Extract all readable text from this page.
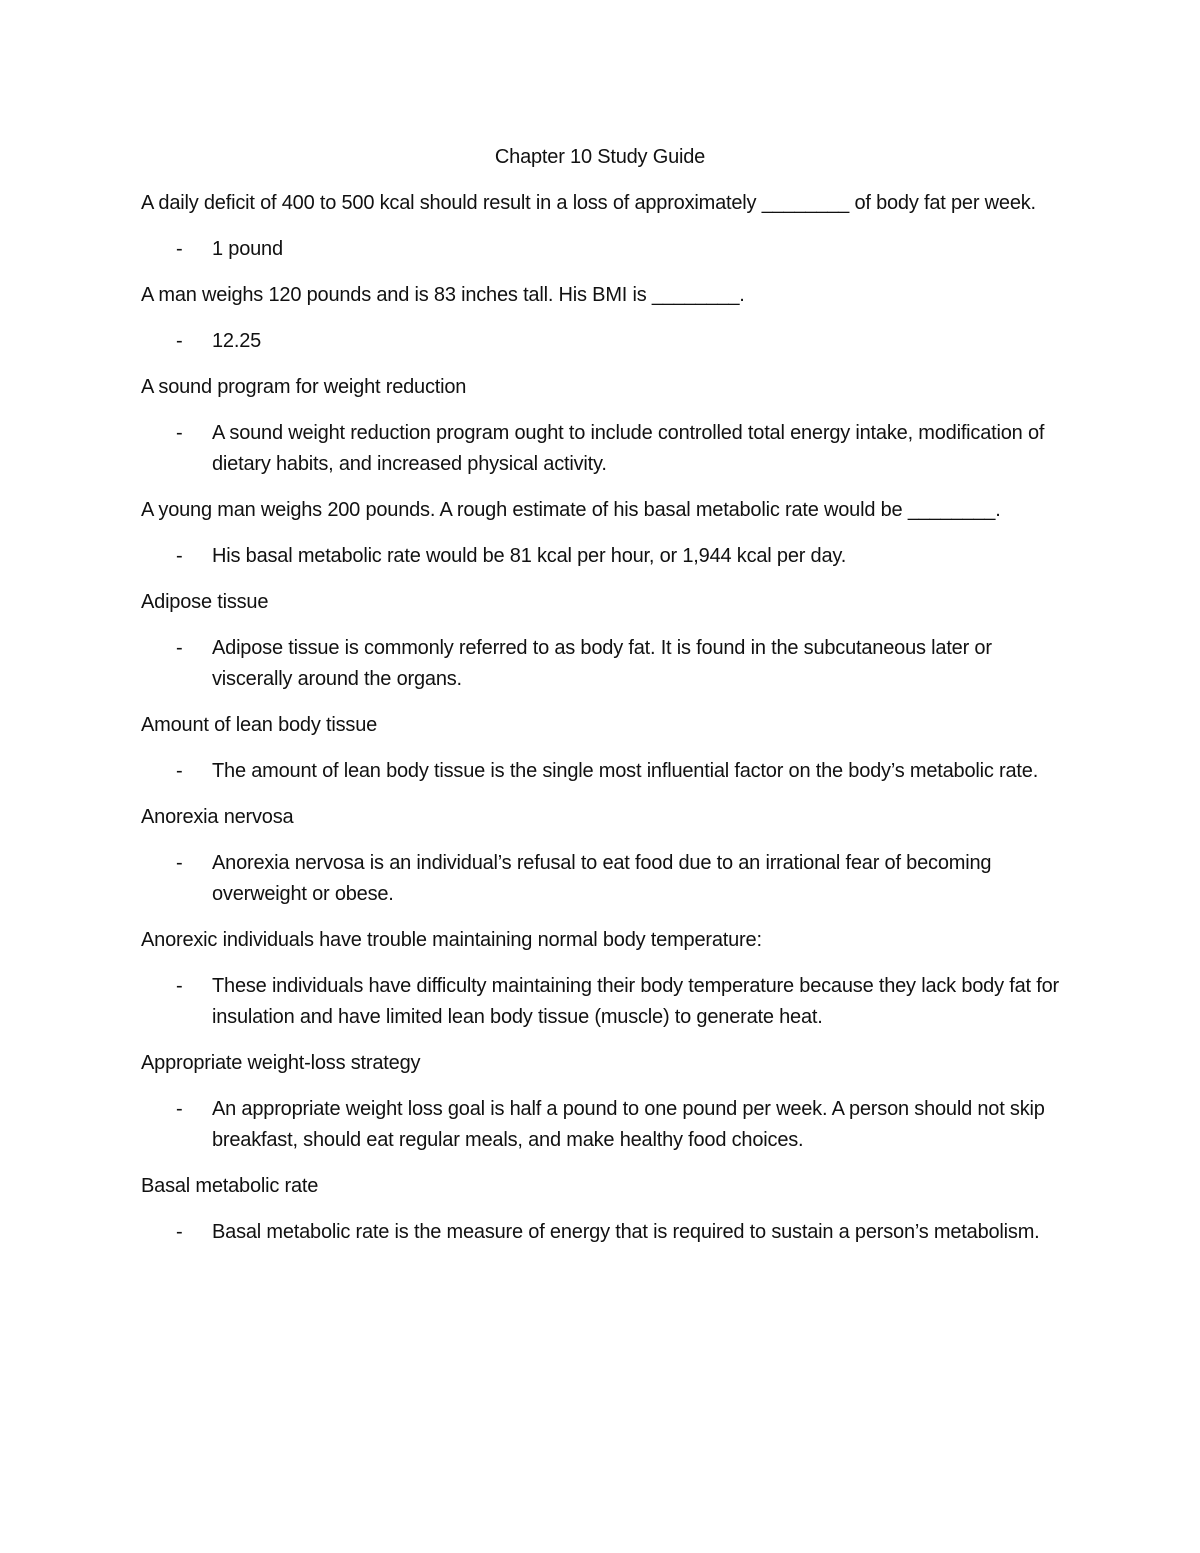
Chapter 10 Study Guide

A daily deficit of 400 to 500 kcal should result in a loss of approximately ________ of body fat per week.

- 1 pound

A man weighs 120 pounds and is 83 inches tall. His BMI is ________.

- 12.25

A sound program for weight reduction

- A sound weight reduction program ought to include controlled total energy intake, modification of dietary habits, and increased physical activity.

A young man weighs 200 pounds. A rough estimate of his basal metabolic rate would be ________.

- His basal metabolic rate would be 81 kcal per hour, or 1,944 kcal per day.

Adipose tissue

- Adipose tissue is commonly referred to as body fat. It is found in the subcutaneous later or viscerally around the organs.

Amount of lean body tissue

- The amount of lean body tissue is the single most influential factor on the body’s metabolic rate.

Anorexia nervosa

- Anorexia nervosa is an individual’s refusal to eat food due to an irrational fear of becoming overweight or obese.

Anorexic individuals have trouble maintaining normal body temperature:

- These individuals have difficulty maintaining their body temperature because they lack body fat for insulation and have limited lean body tissue (muscle) to generate heat.

Appropriate weight-loss strategy

- An appropriate weight loss goal is half a pound to one pound per week. A person should not skip breakfast, should eat regular meals, and make healthy food choices.

Basal metabolic rate

- Basal metabolic rate is the measure of energy that is required to sustain a person’s metabolism.
